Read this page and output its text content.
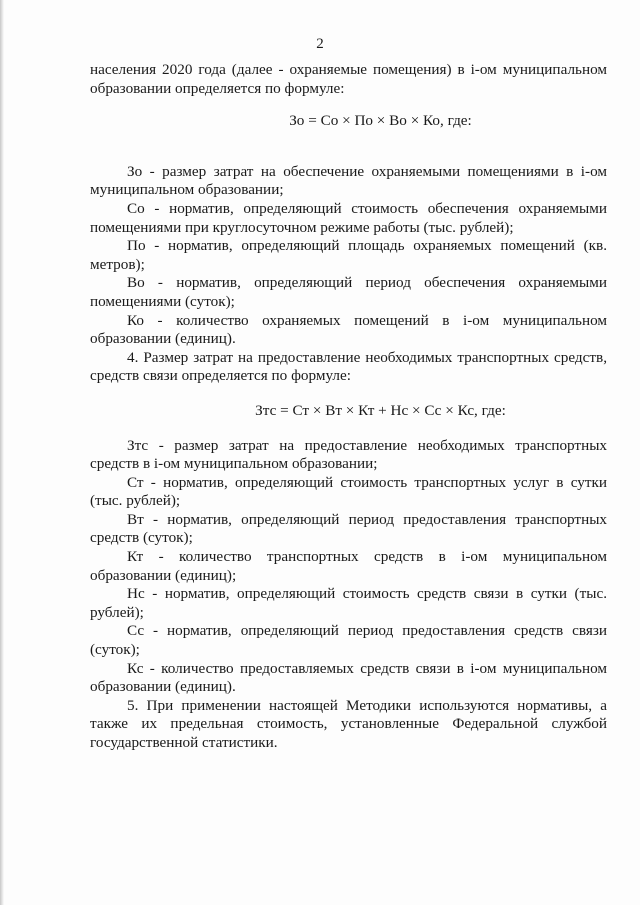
2

населения 2020 года (далее - охраняемые помещения) в i-ом муниципальном образовании определяется по формуле:

Зо = Со × По × Во × Ко, где:

Зо - размер затрат на обеспечение охраняемыми помещениями в i-ом муниципальном образовании;

Со - норматив, определяющий стоимость обеспечения охраняемыми помещениями при круглосуточном режиме работы (тыс. рублей);

По - норматив, определяющий площадь охраняемых помещений (кв. метров);

Во - норматив, определяющий период обеспечения охраняемыми помещениями (суток);

Ко - количество охраняемых помещений в i-ом муниципальном образовании (единиц).

4. Размер затрат на предоставление необходимых транспортных средств, средств связи определяется по формуле:

Зтс = Ст × Вт × Кт + Нс × Сс × Кс, где:

Зтс - размер затрат на предоставление необходимых транспортных средств в i-ом муниципальном образовании;

Ст - норматив, определяющий стоимость транспортных услуг в сутки (тыс. рублей);

Вт - норматив, определяющий период предоставления транспортных средств (суток);

Кт - количество транспортных средств в i-ом муниципальном образовании (единиц);

Нс - норматив, определяющий стоимость средств связи в сутки (тыс. рублей);

Сс - норматив, определяющий период предоставления средств связи (суток);

Кс - количество предоставляемых средств связи в i-ом муниципальном образовании (единиц).

5. При применении настоящей Методики используются нормативы, а также их предельная стоимость, установленные Федеральной службой государственной статистики.
